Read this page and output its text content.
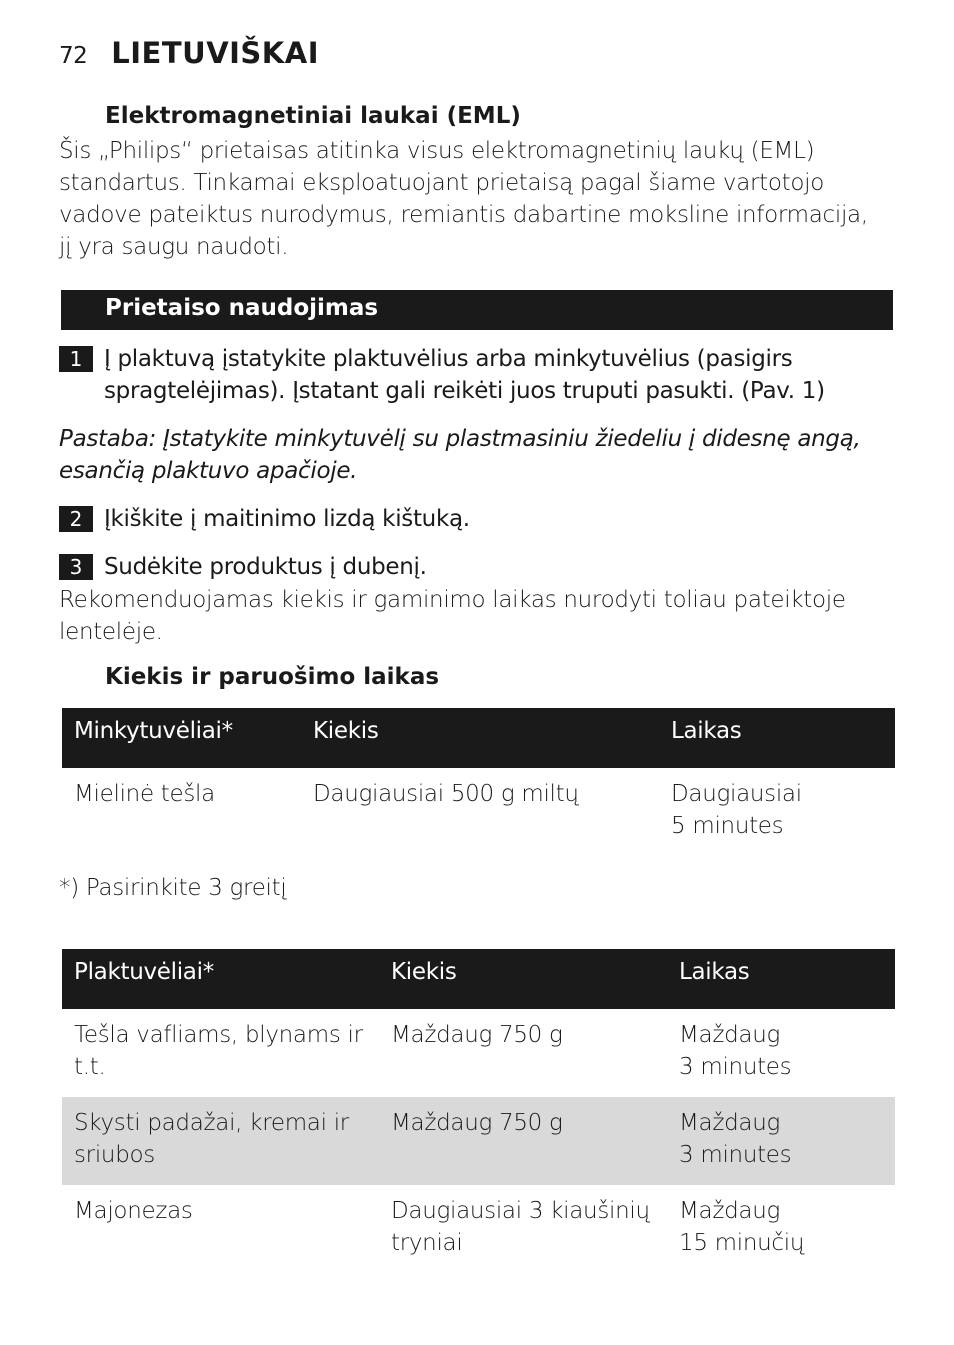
72 LIETUVIŠKAI
Elektromagnetiniai laukai (EML)
Šis „Philips“ prietaisas atitinka visus elektromagnetinių laukų (EML)
standartus. Tinkamai eksploatuojant prietaisą pagal šiame vartotojo
vadove pateiktus nurodymus, remiantis dabartine moksline informacija,
jį yra saugu naudoti.
Prietaiso naudojimas
1 Į plaktuvą įstatykite plaktuvėlius arba minkytuvėlius (pasigirs
spragtelėjimas). Įstatant gali reikėti juos truputi pasukti. (Pav. 1)
Pastaba: Įstatykite minkytuvėlį su plastmasiniu žiedeliu į didesnę angą,
esančią plaktuvo apačioje.
2 Įkiškite į maitinimo lizdą kištuką.
3 Sudėkite produktus į dubenį.
Rekomenduojamas kiekis ir gaminimo laikas nurodyti toliau pateiktoje
lentelėje.
Kiekis ir paruošimo laikas
Minkytuvėliai*	Kiekis	Laikas

Mielinė tešla	Daugiausiai 500 g miltų	Daugiausiai
5 minutes
*) Pasirinkite 3 greitį
Plaktuvėliai*	Kiekis	Laikas

Tešla vafliams, blynams ir
t.t.	Maždaug 750 g	Maždaug
3 minutes

Skysti padažai, kremai ir
sriubos	Maždaug 750 g	Maždaug
3 minutes

Majonezas	Daugiausiai 3 kiaušinių
tryniai	Maždaug
15 minučių
